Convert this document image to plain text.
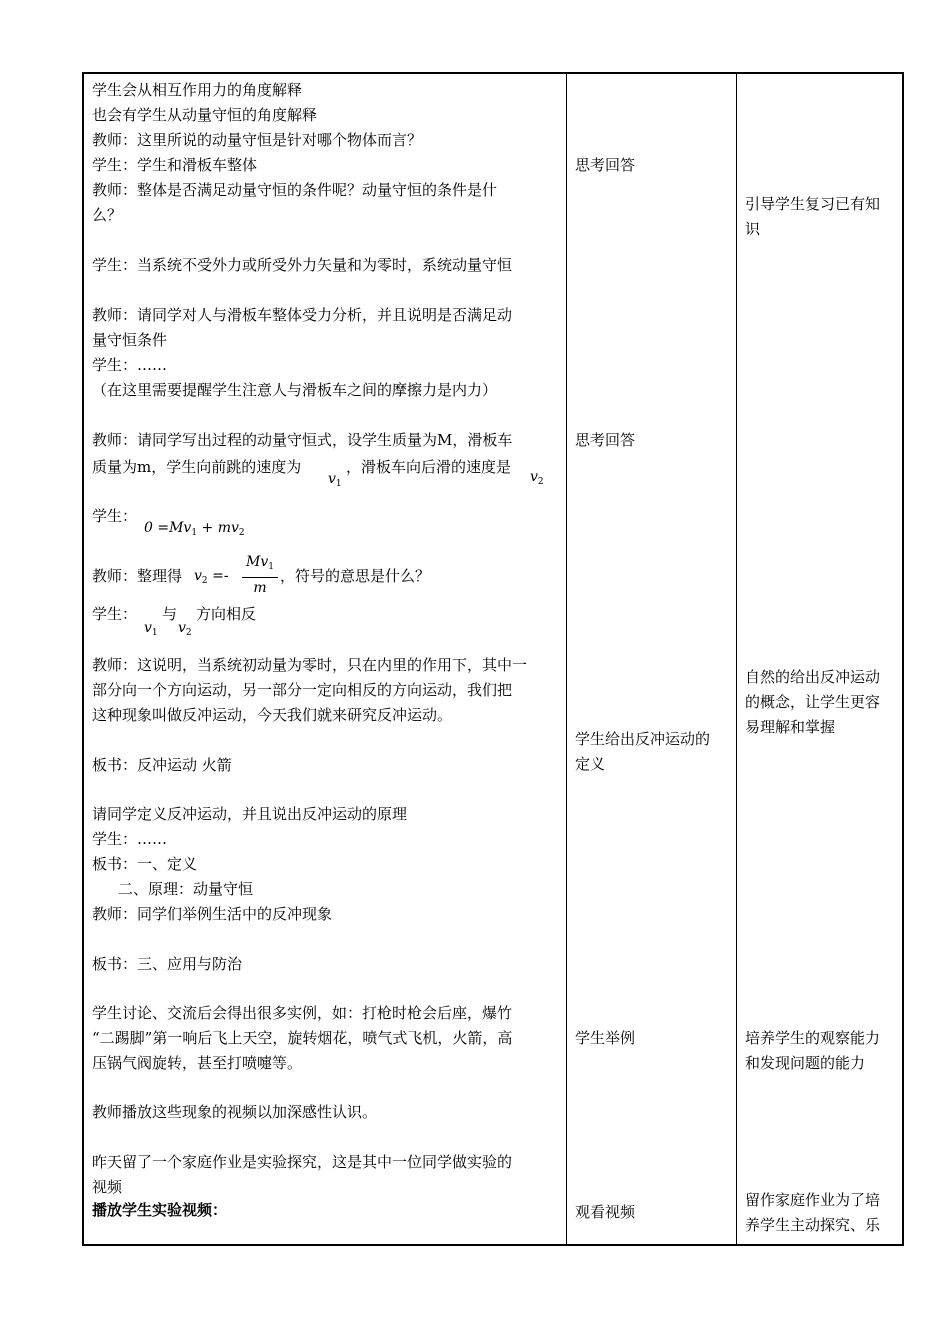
学生会从相互作用力的角度解释
也会有学生从动量守恒的角度解释
教师：这里所说的动量守恒是针对哪个物体而言？
学生：学生和滑板车整体
教师：整体是否满足动量守恒的条件呢？动量守恒的条件是什
么？
学生：当系统不受外力或所受外力矢量和为零时，系统动量守恒
教师：请同学对人与滑板车整体受力分析，并且说明是否满足动
量守恒条件
学生：……
（在这里需要提醒学生注意人与滑板车之间的摩擦力是内力）
教师：请同学写出过程的动量守恒式，设学生质量为M，滑板车
质量为m，学生向前跳的速度为
$v_1$
，滑板车向后滑的速度是
$v_2$
学生：
$0 =Mv_1 + mv_2$
教师：整理得 $v_2 =- \frac{Mv_1}{m}$ ，符号的意思是什么？
学生：
$v_1$
与
$v_2$
方向相反
教师：这说明，当系统初动量为零时，只在内里的作用下，其中一
部分向一个方向运动，另一部分一定向相反的方向运动，我们把
这种现象叫做反冲运动，今天我们就来研究反冲运动。
板书：反冲运动 火箭
请同学定义反冲运动，并且说出反冲运动的原理
学生：……
板书：一、定义
二、原理：动量守恒
教师：同学们举例生活中的反冲现象
板书：三、应用与防治
学生讨论、交流后会得出很多实例，如：打枪时枪会后座，爆竹
“二踢脚”第一响后飞上天空，旋转烟花，喷气式飞机，火箭，高
压锅气阀旋转，甚至打喷嚏等。
教师播放这些现象的视频以加深感性认识。
昨天留了一个家庭作业是实验探究，这是其中一位同学做实验的
视频
播放学生实验视频：
思考回答
思考回答
学生给出反冲运动的
定义
学生举例
观看视频
引导学生复习已有知
识
自然的给出反冲运动
的概念，让学生更容
易理解和掌握
培养学生的观察能力
和发现问题的能力
留作家庭作业为了培
养学生主动探究、乐
